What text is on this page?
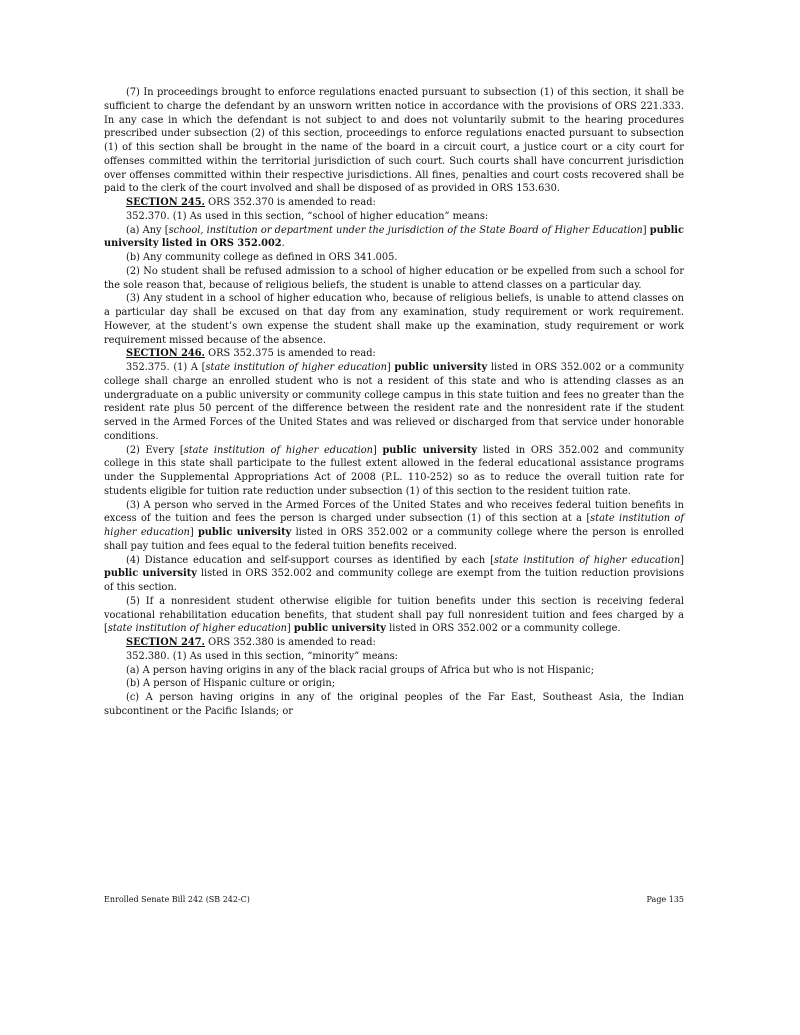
(7) In proceedings brought to enforce regulations enacted pursuant to subsection (1) of this section, it shall be sufficient to charge the defendant by an unsworn written notice in accordance with the provisions of ORS 221.333. In any case in which the defendant is not subject to and does not voluntarily submit to the hearing procedures prescribed under subsection (2) of this section, proceedings to enforce regulations enacted pursuant to subsection (1) of this section shall be brought in the name of the board in a circuit court, a justice court or a city court for offenses committed within the territorial jurisdiction of such court. Such courts shall have concurrent jurisdiction over offenses committed within their respective jurisdictions. All fines, penalties and court costs recovered shall be paid to the clerk of the court involved and shall be disposed of as provided in ORS 153.630.

SECTION 245. ORS 352.370 is amended to read:

352.370. (1) As used in this section, “school of higher education” means:

(a) Any [school, institution or department under the jurisdiction of the State Board of Higher Education] public university listed in ORS 352.002.

(b) Any community college as defined in ORS 341.005.

(2) No student shall be refused admission to a school of higher education or be expelled from such a school for the sole reason that, because of religious beliefs, the student is unable to attend classes on a particular day.

(3) Any student in a school of higher education who, because of religious beliefs, is unable to attend classes on a particular day shall be excused on that day from any examination, study requirement or work requirement. However, at the student’s own expense the student shall make up the examination, study requirement or work requirement missed because of the absence.

SECTION 246. ORS 352.375 is amended to read:

352.375. (1) A [state institution of higher education] public university listed in ORS 352.002 or a community college shall charge an enrolled student who is not a resident of this state and who is attending classes as an undergraduate on a public university or community college campus in this state tuition and fees no greater than the resident rate plus 50 percent of the difference between the resident rate and the nonresident rate if the student served in the Armed Forces of the United States and was relieved or discharged from that service under honorable conditions.

(2) Every [state institution of higher education] public university listed in ORS 352.002 and community college in this state shall participate to the fullest extent allowed in the federal educational assistance programs under the Supplemental Appropriations Act of 2008 (P.L. 110-252) so as to reduce the overall tuition rate for students eligible for tuition rate reduction under subsection (1) of this section to the resident tuition rate.

(3) A person who served in the Armed Forces of the United States and who receives federal tuition benefits in excess of the tuition and fees the person is charged under subsection (1) of this section at a [state institution of higher education] public university listed in ORS 352.002 or a community college where the person is enrolled shall pay tuition and fees equal to the federal tuition benefits received.

(4) Distance education and self-support courses as identified by each [state institution of higher education] public university listed in ORS 352.002 and community college are exempt from the tuition reduction provisions of this section.

(5) If a nonresident student otherwise eligible for tuition benefits under this section is receiving federal vocational rehabilitation education benefits, that student shall pay full nonresident tuition and fees charged by a [state institution of higher education] public university listed in ORS 352.002 or a community college.

SECTION 247. ORS 352.380 is amended to read:

352.380. (1) As used in this section, “minority” means:

(a) A person having origins in any of the black racial groups of Africa but who is not Hispanic;

(b) A person of Hispanic culture or origin;

(c) A person having origins in any of the original peoples of the Far East, Southeast Asia, the Indian subcontinent or the Pacific Islands; or

Enrolled Senate Bill 242 (SB 242-C)	Page 135
